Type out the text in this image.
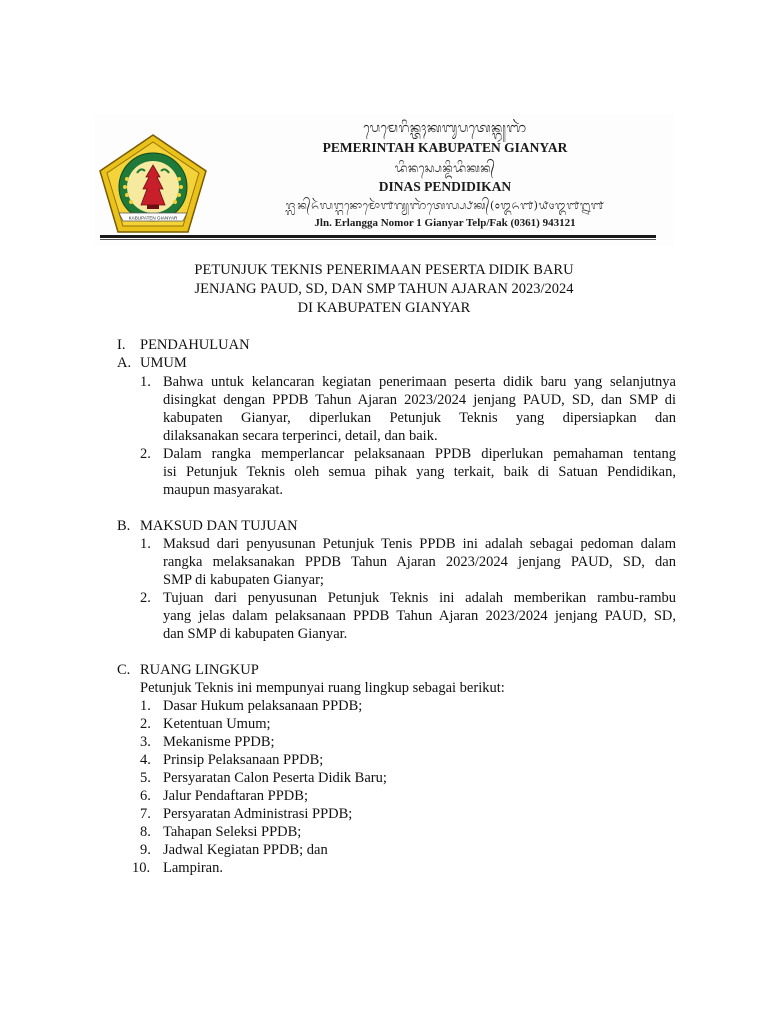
KABUPATEN GIANYAR
ᬧᬾᬫᬾᬭᬶᬦ᭄ᬢᬄᬓᬩᬸᬧᬢᬾᬦ᭄ᬕ᭄ᬬᬜᬃ
PEMERINTAH KABUPATEN GIANYAR
ᬤᬶᬦᬲ᭄ᬧᬾᬦ᭄ᬤᬶᬤᬶᬓᬦ᭄
DINAS PENDIDIKAN
ᬚ᭄ᬮᬦ᭄ᬏᬃᬮᬗ᭄ᬕᬦᭀᬫᭀᬃ᭑ᬕ᭄ᬬᬜᬃᬢᬾᬮ᭄ᬧ᭄ᬨᬓ᭄(᭐᭓᭖᭑)᭙᭔᭓᭑᭒᭑
Jln. Erlangga Nomor 1 Gianyar Telp/Fak (0361) 943121
PETUNJUK TEKNIS PENERIMAAN PESERTA DIDIK BARU
JENJANG PAUD, SD, DAN SMP TAHUN AJARAN 2023/2024
DI KABUPATEN GIANYAR
I. PENDAHULUAN
A. UMUM
1. Bahwa untuk kelancaran kegiatan penerimaan peserta didik baru yang selanjutnya
disingkat dengan PPDB Tahun Ajaran 2023/2024 jenjang PAUD, SD, dan SMP di
kabupaten Gianyar, diperlukan Petunjuk Teknis yang dipersiapkan dan
dilaksanakan secara terperinci, detail, dan baik.
2. Dalam rangka memperlancar pelaksanaan PPDB diperlukan pemahaman tentang
isi Petunjuk Teknis oleh semua pihak yang terkait, baik di Satuan Pendidikan,
maupun masyarakat.
B. MAKSUD DAN TUJUAN
1. Maksud dari penyusunan Petunjuk Tenis PPDB ini adalah sebagai pedoman dalam
rangka melaksanakan PPDB Tahun Ajaran 2023/2024 jenjang PAUD, SD, dan
SMP di kabupaten Gianyar;
2. Tujuan dari penyusunan Petunjuk Teknis ini adalah memberikan rambu-rambu
yang jelas dalam pelaksanaan PPDB Tahun Ajaran 2023/2024 jenjang PAUD, SD,
dan SMP di kabupaten Gianyar.
C. RUANG LINGKUP
Petunjuk Teknis ini mempunyai ruang lingkup sebagai berikut:
1. Dasar Hukum pelaksanaan PPDB;
2. Ketentuan Umum;
3. Mekanisme PPDB;
4. Prinsip Pelaksanaan PPDB;
5. Persyaratan Calon Peserta Didik Baru;
6. Jalur Pendaftaran PPDB;
7. Persyaratan Administrasi PPDB;
8. Tahapan Seleksi PPDB;
9. Jadwal Kegiatan PPDB; dan
10. Lampiran.
